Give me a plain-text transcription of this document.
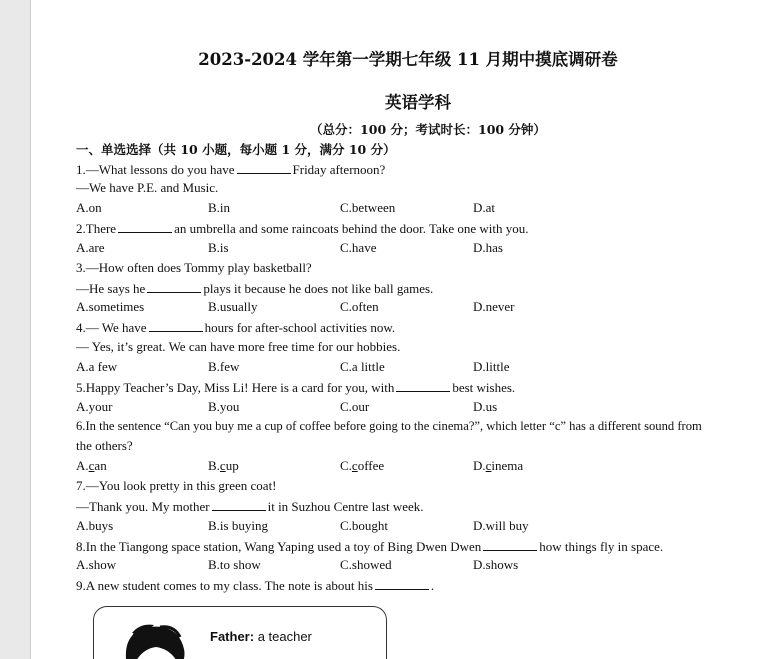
2023-2024 学年第一学期七年级 11 月期中摸底调研卷
英语学科
（总分：100 分；考试时长：100 分钟）
一、单选选择（共 10 小题，每小题 1 分，满分 10 分）
1.—What lessons do you have	Friday afternoon?
—We have P.E. and Music.
A.on	B.in	C.between	D.at
2.There	an umbrella and some raincoats behind the door. Take one with you.
A.are	B.is	C.have	D.has
3.—How often does Tommy play basketball?
—He says he	plays it because he does not like ball games.
A.sometimes	B.usually	C.often	D.never
4.— We have	hours for after-school activities now.
— Yes, it’s great. We can have more free time for our hobbies.
A.a few	B.few	C.a little	D.little
5.Happy Teacher’s Day, Miss Li! Here is a card for you, with	best wishes.
A.your	B.you	C.our	D.us
6.In the sentence “Can you buy me a cup of coffee before going to the cinema?”, which letter “c” has a different sound from
the others?
A.can	B.cup	C.coffee	D.cinema
7.—You look pretty in this green coat!
—Thank you. My mother	it in Suzhou Centre last week.
A.buys	B.is buying	C.bought	D.will buy
8.In the Tiangong space station, Wang Yaping used a toy of Bing Dwen Dwen	how things fly in space.
A.show	B.to show	C.showed	D.shows
9.A new student comes to my class. The note is about his	.
Father: a teacher
